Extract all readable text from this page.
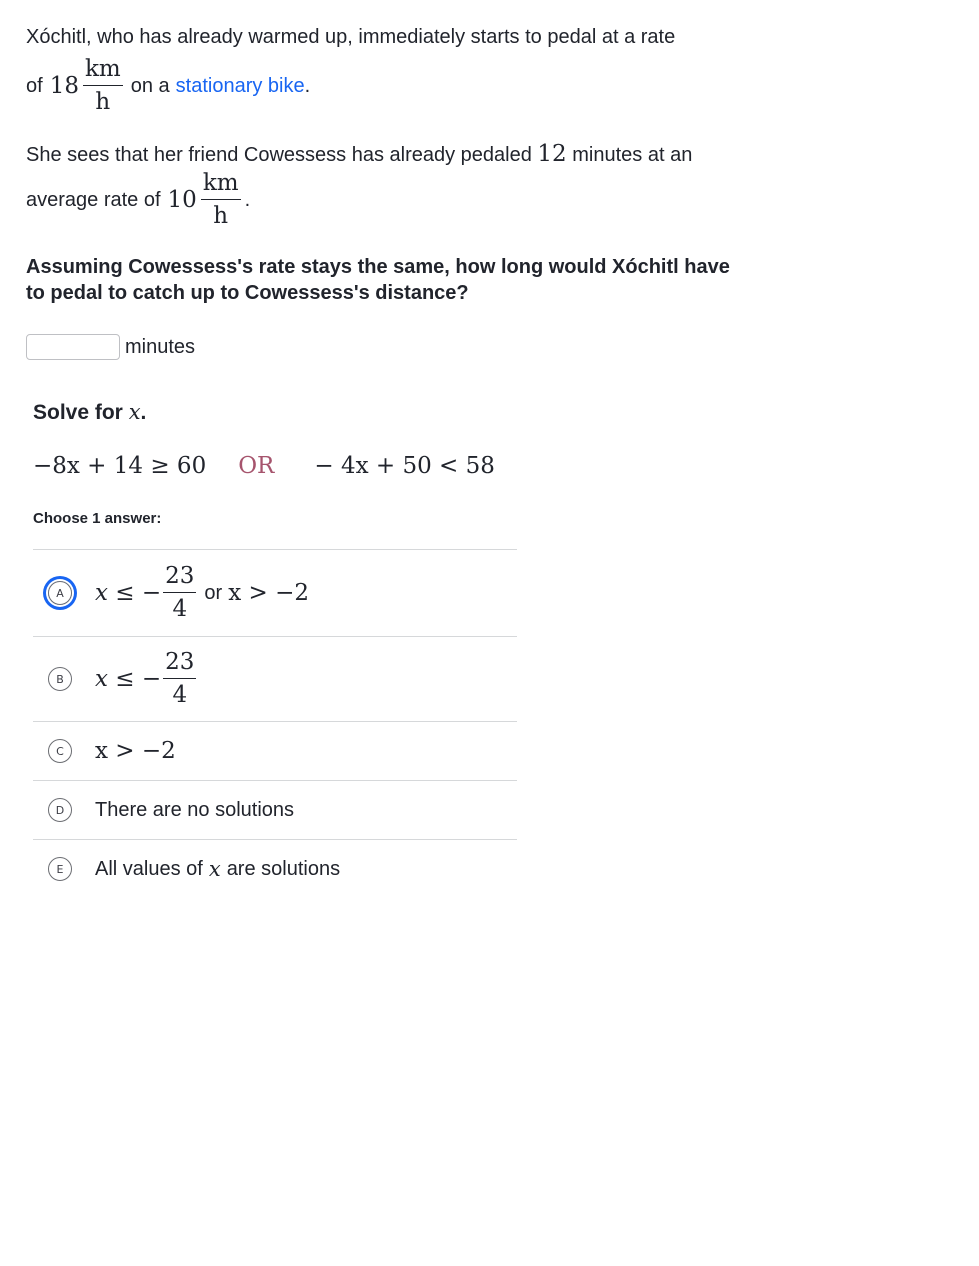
Xóchitl, who has already warmed up, immediately starts to pedal at a rate
of $18 \frac{km}{h}$ on a stationary bike .
She sees that her friend Cowessess has already pedaled 12 minutes at an
average rate of $10 \frac{km}{h}$ .
Assuming Cowessess's rate stays the same, how long would Xóchitl have to pedal to catch up to Cowessess's distance?
minutes
Solve for x.
−8x + 14 ≥ 60 OR − 4x + 50 < 58
Choose 1 answer:
A	x ≤ − $\frac{23}{4}$ or x > −2
B	x ≤ − $\frac{23}{4}$
C	x > −2
D	There are no solutions
E	All values of x are solutions
